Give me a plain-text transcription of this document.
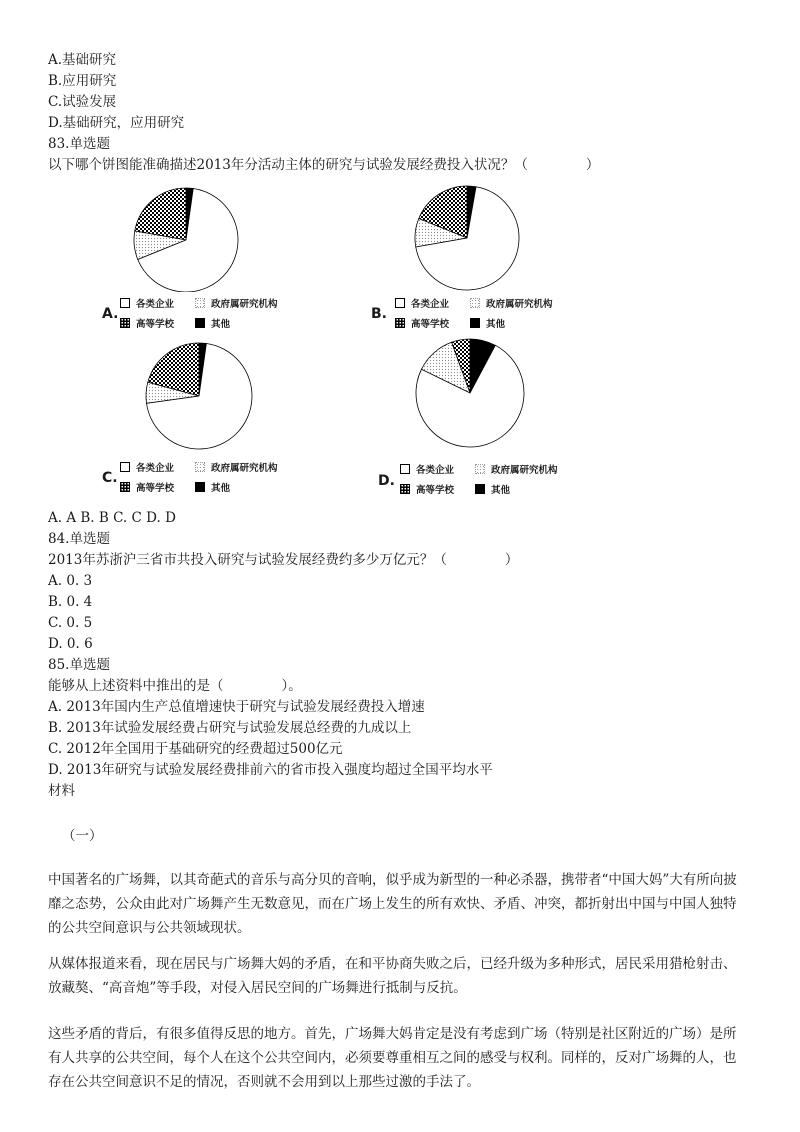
A.基础研究

B.应用研究

C.试验发展

D.基础研究，应用研究

83.单选题

以下哪个饼图能准确描述2013年分活动主体的研究与试验发展经费投入状况？（	）

A.
各类企业	政府属研究机构
高等学校	其他
B.
各类企业	政府属研究机构
高等学校	其他
C.
各类企业	政府属研究机构
高等学校	其他	D.
各类企业	政府属研究机构
高等学校	其他

A. A B. B C. C D. D

84.单选题

2013年苏浙沪三省市共投入研究与试验发展经费约多少万亿元？（	）

A. 0. 3

B. 0. 4

C. 0. 5

D. 0. 6

85.单选题

能够从上述资料中推出的是（	）。

A. 2013年国内生产总值增速快于研究与试验发展经费投入增速

B. 2013年试验发展经费占研究与试验发展总经费的九成以上

C. 2012年全国用于基础研究的经费超过500亿元

D. 2013年研究与试验发展经费排前六的省市投入强度均超过全国平均水平

材料

（一）

中国著名的广场舞，以其奇葩式的音乐与高分贝的音响，似乎成为新型的一种必杀器，携带者“中国大妈”大有所向披靡之态势，公众由此对广场舞产生无数意见，而在广场上发生的所有欢快、矛盾、冲突，都折射出中国与中国人独特的公共空间意识与公共领域现状。

从媒体报道来看，现在居民与广场舞大妈的矛盾，在和平协商失败之后，已经升级为多种形式，居民采用猎枪射击、放藏獒、“高音炮”等手段，对侵入居民空间的广场舞进行抵制与反抗。

这些矛盾的背后，有很多值得反思的地方。首先，广场舞大妈肯定是没有考虑到广场（特别是社区附近的广场）是所有人共享的公共空间，每个人在这个公共空间内，必须要尊重相互之间的感受与权利。同样的，反对广场舞的人，也存在公共空间意识不足的情况，否则就不会用到以上那些过激的手法了。
